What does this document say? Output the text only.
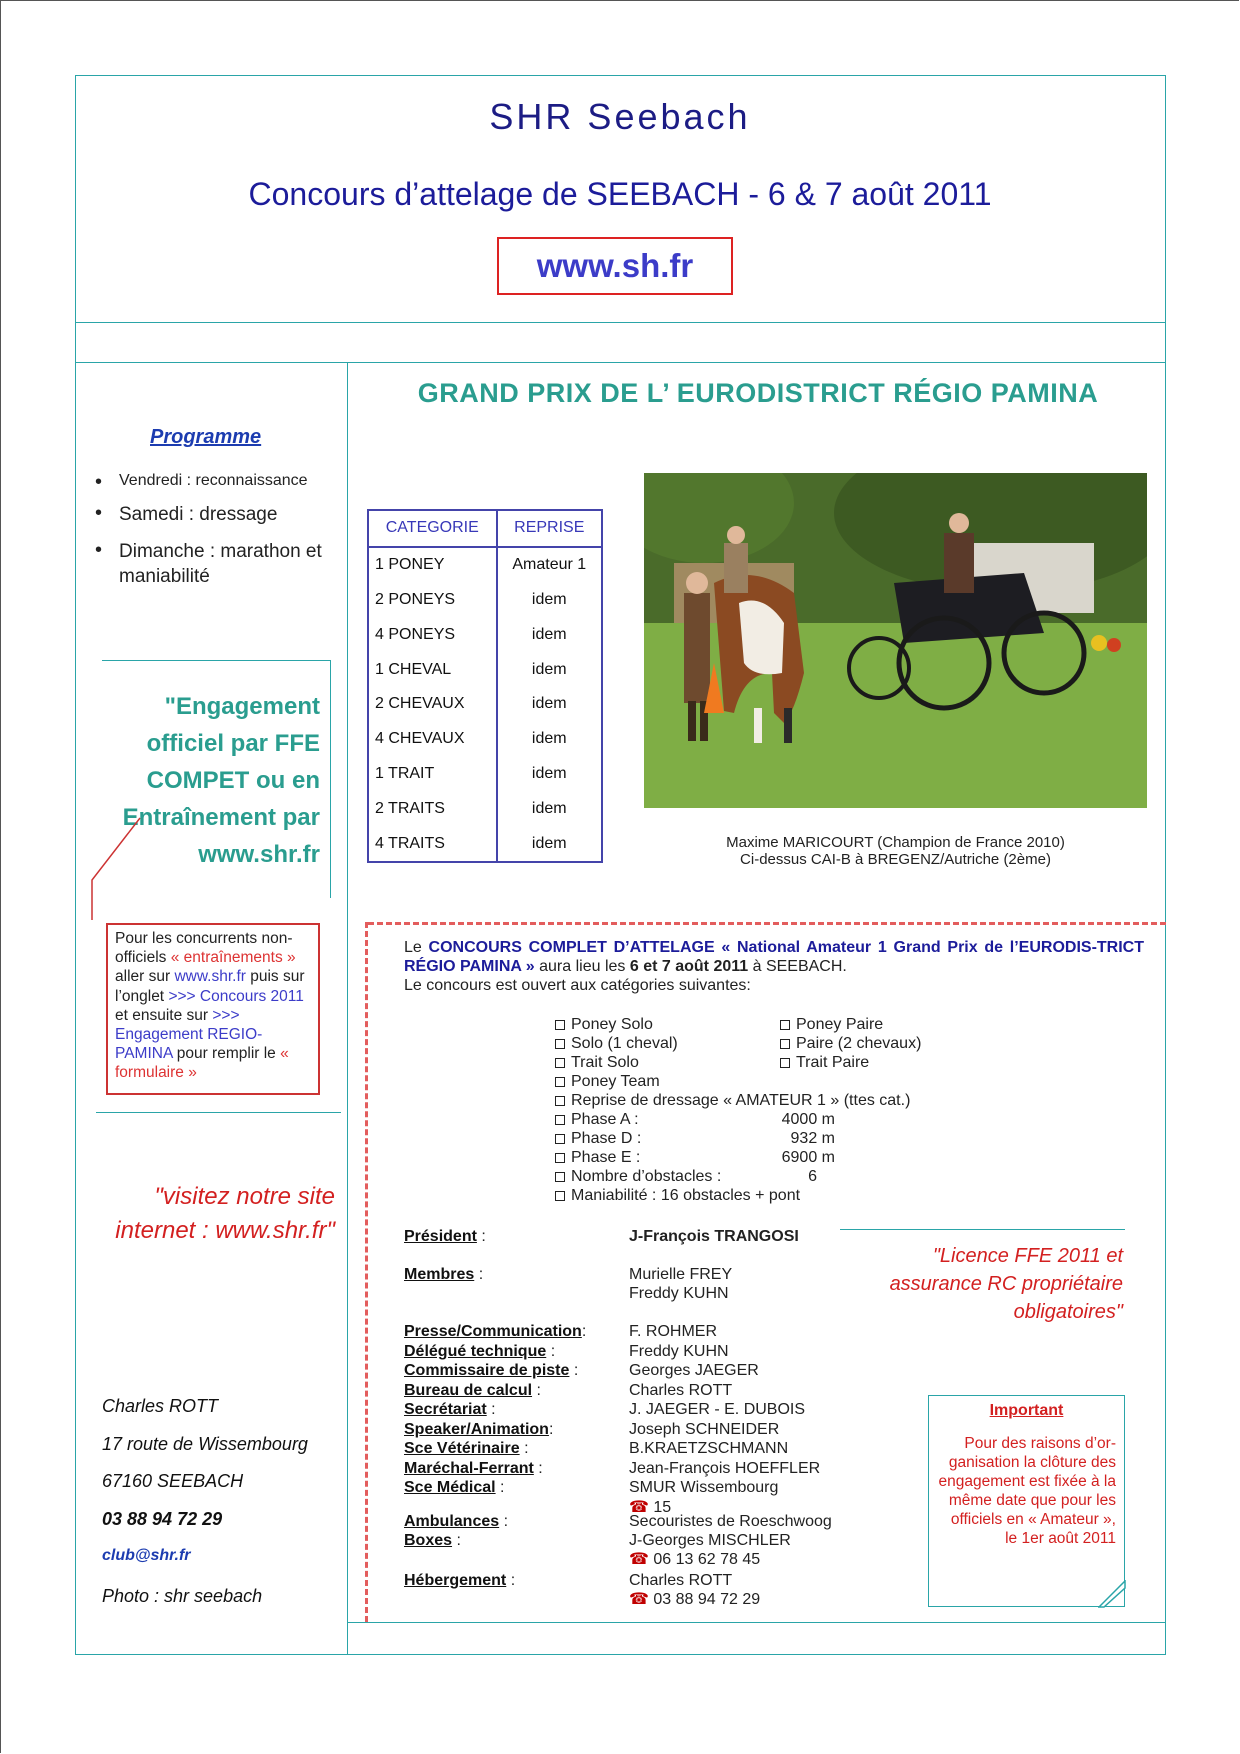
SHR Seebach
Concours d’attelage de SEEBACH - 6 & 7 août 2011
www.sh.fr
GRAND PRIX DE L’ EURODISTRICT RÉGIO PAMINA
Programme
• Vendredi : reconnaissance
• Samedi : dressage
• Dimanche : marathon et maniabilité
"Engagement officiel par FFE COMPET ou en Entraînement par www.shr.fr
Pour les concurrents non-officiels « entraînements » aller sur www.shr.fr puis sur l’onglet >>> Concours 2011 et ensuite sur >>> Engagement REGIO-PAMINA pour remplir le « formulaire »
"visitez notre site internet : www.shr.fr"
Charles ROTT
17 route de Wissembourg
67160 SEEBACH
03 88 94 72 29
club@shr.fr
Photo : shr seebach
CATEGORIE	REPRISE
1 PONEY	Amateur 1
2 PONEYS	idem
4 PONEYS	idem
1 CHEVAL	idem
2 CHEVAUX	idem
4 CHEVAUX	idem
1 TRAIT	idem
2 TRAITS	idem
4 TRAITS	idem	Maxime MARICOURT (Champion de France 2010)
Ci-dessus CAI-B à BREGENZ/Autriche (2ème)
Le CONCOURS COMPLET D’ATTELAGE « National Amateur 1 Grand Prix de l’EURODIS-TRICT RÉGIO PAMINA » aura lieu les 6 et 7 août 2011 à SEEBACH.
Le concours est ouvert aux catégories suivantes:
Poney Solo
Solo (1 cheval)
Trait Solo
Poney Team
Reprise de dressage « AMATEUR 1 » (ttes cat.)
Poney Paire
Paire (2 chevaux)
Trait Paire
Phase A :	4000 m
Phase D :	932 m
Phase E :	6900 m
Nombre d’obstacles :	6
Maniabilité : 16 obstacles + pont
Président :	J-François TRANGOSI
Membres :	Murielle FREY
Freddy KUHN
Presse/Communication:	F. ROHMER
Délégué technique :	Freddy KUHN
Commissaire de piste :	Georges JAEGER
Bureau de calcul :	Charles ROTT
Secrétariat :	J. JAEGER - E. DUBOIS
Speaker/Animation:	Joseph SCHNEIDER
Sce Vétérinaire :	B.KRAETZSCHMANN
Maréchal-Ferrant :	Jean-François HOEFFLER
Sce Médical :	SMUR Wissembourg
☎ 15
Ambulances :	Secouristes de Roeschwoog
Boxes :	J-Georges MISCHLER
☎ 06 13 62 78 45
Hébergement :	Charles ROTT
☎ 03 88 94 72 29
"Licence FFE 2011 et assurance RC propriétaire obligatoires"
Important
Pour des raisons d’or-ganisation la clôture des engagement est fixée à la même date que pour les officiels en « Amateur », le 1er août 2011
